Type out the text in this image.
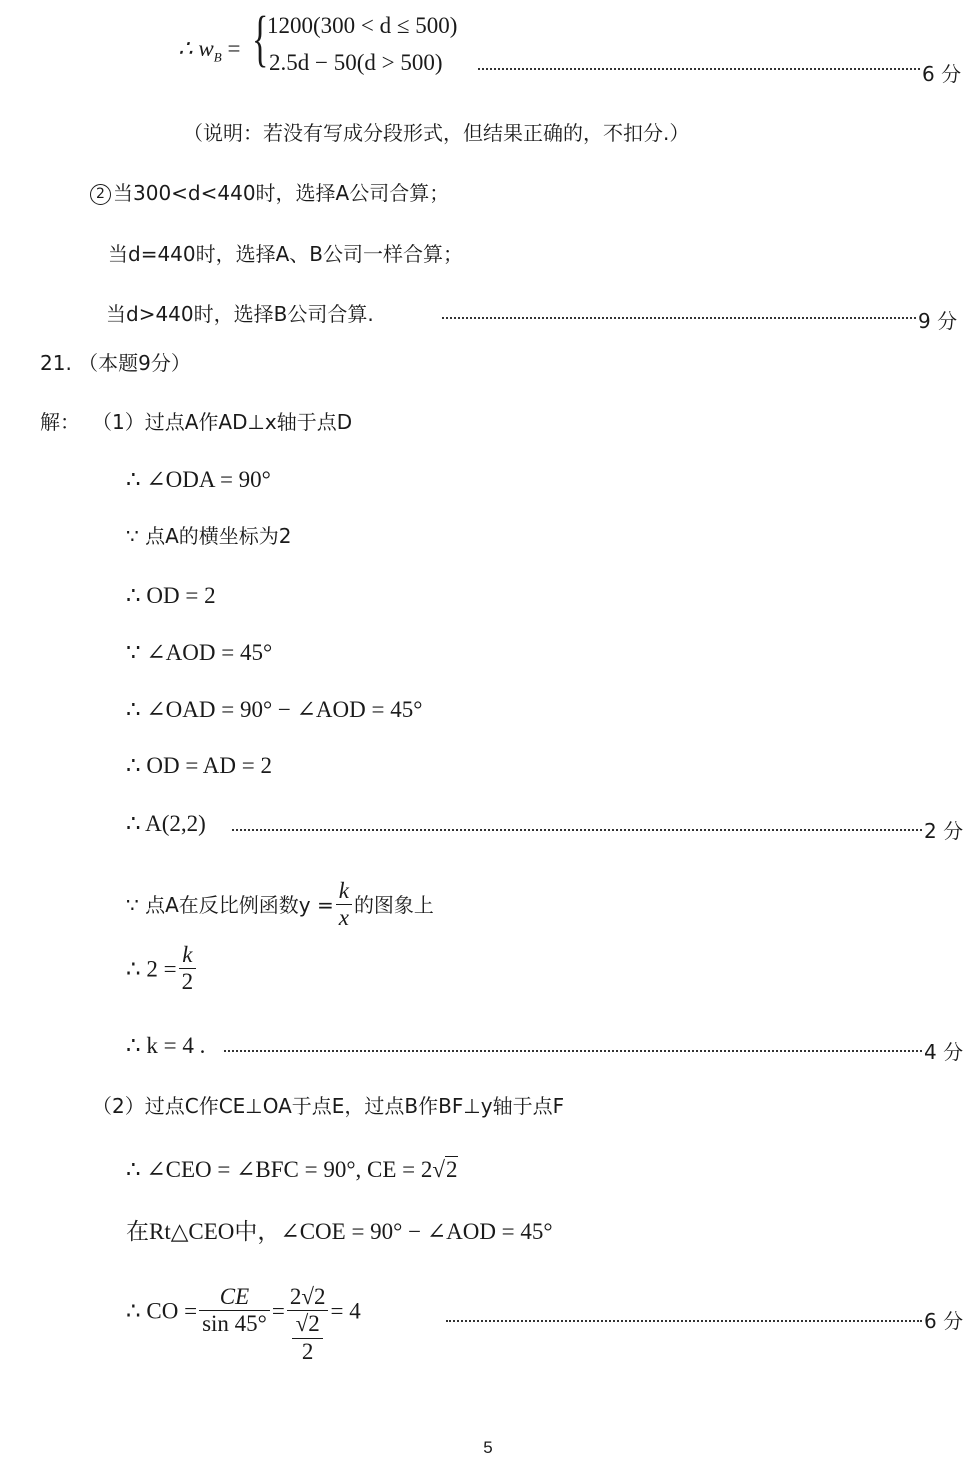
∴ $w_B$ = {
1200(300 < d ≤ 500)
2.5d − 50(d > 500)	6 分
（说明：若没有写成分段形式，但结果正确的，不扣分.）
2 当300<d<440时，选择A公司合算；
当d=440时，选择A、B公司一样合算；
当d>440时，选择B公司合算.	9 分
21. （本题9分）
解： （1）过点A作AD⊥x轴于点D
∴ ∠ODA = 90°
∵ 点A的横坐标为2
∴ OD = 2
∵ ∠AOD = 45°
∴ ∠OAD = 90° − ∠AOD = 45°
∴ OD = AD = 2
∴ A(2,2)	2 分
∵ 点A在反比例函数$y = \frac{k}{x}$ 的图象上
∴ $2 = \frac{k}{2}$
∴ k = 4 .	4 分
（2）过点C作CE⊥OA于点E，过点B作BF⊥y轴于点F
∴ ∠CEO = ∠BFC = 90°, CE = 2√2
在Rt△CEO中，∠COE = 90° − ∠AOD = 45°
∴ CO = $\frac{CE}{\sin 45^\circ} = 2√2$
√2
2 = 4	6 分
5
